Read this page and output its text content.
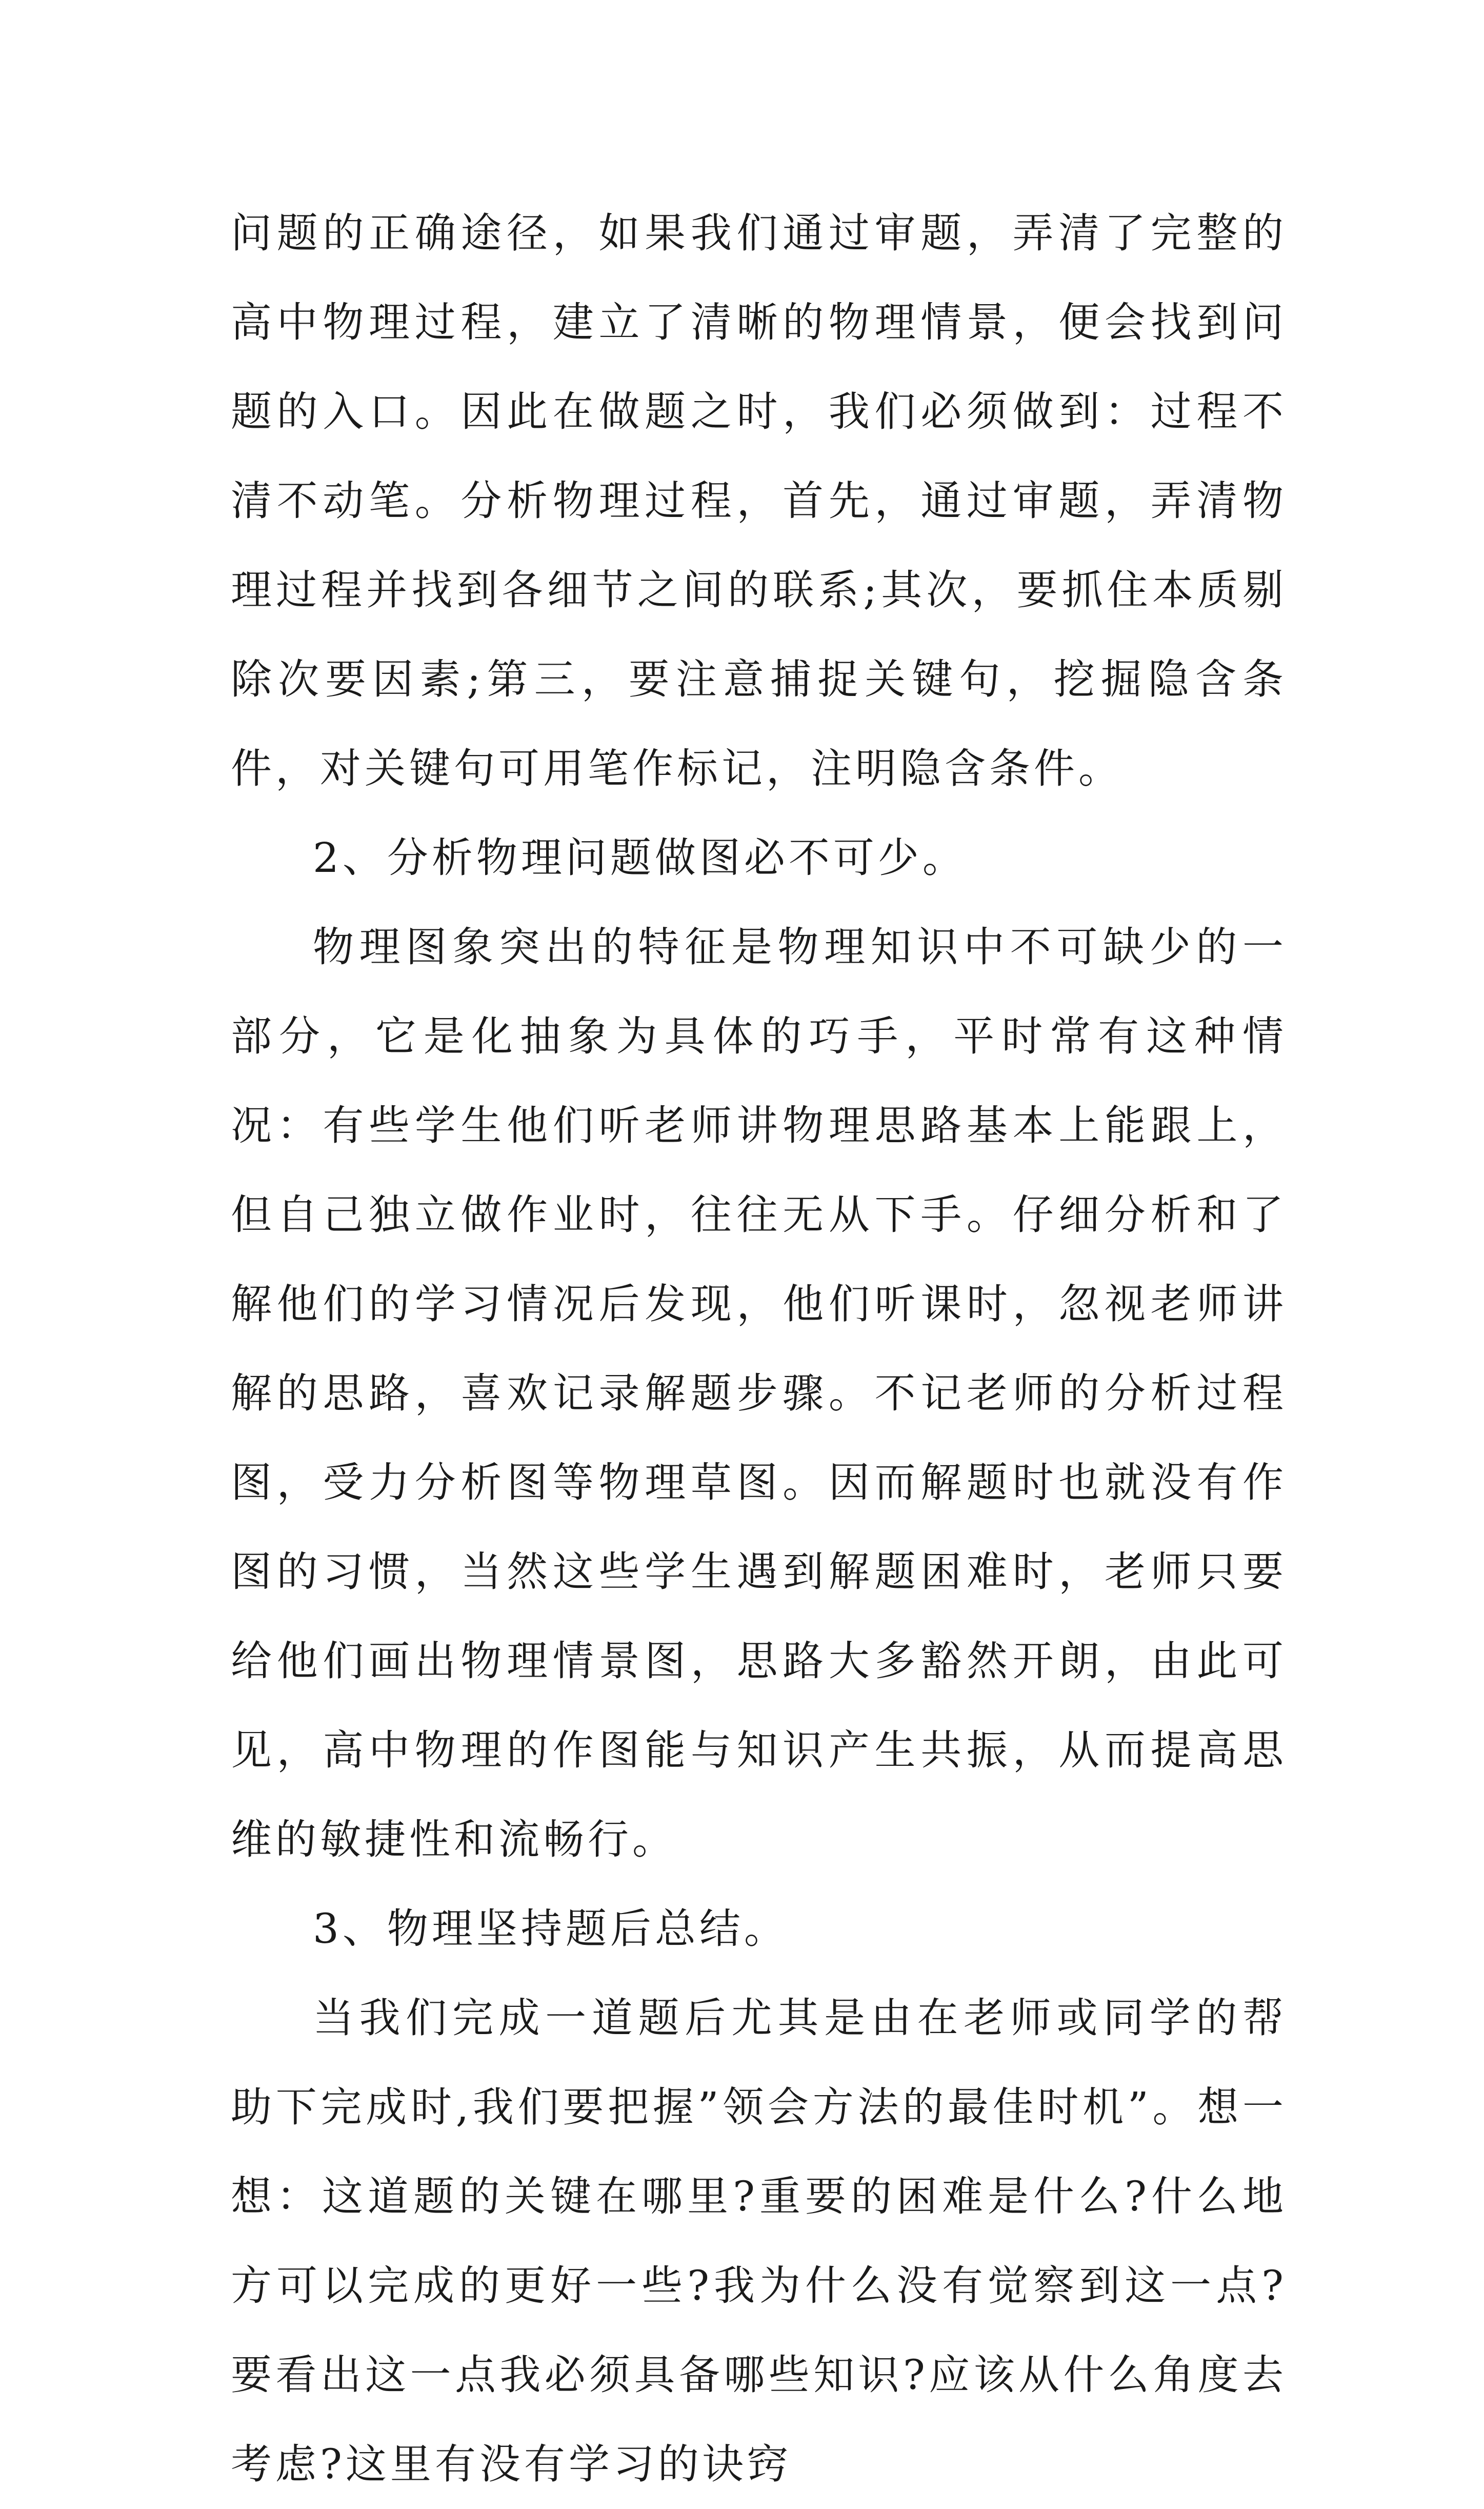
问题的正确途径，如果我们通过审题，弄清了完整的高中物理过程，建立了清晰的物理情景，便会找到问题的入口。因此在做题之时，我们必须做到：过程不清不动笔。分析物理过程，首先，通过审题，弄清物理过程并找到各细节之间的联系;其次，要抓住本质剔除次要因素;第三，要注意捕捉关键句，挖掘隐含条件，对关键句可用笔作标记，注明隐含条件。

2、分析物理问题做图必不可少。

物理图象突出的特征是物理知识中不可缺少的一部分，它是化抽象为具体的巧手，平时常有这种情况：有些学生他们听老师讲物理思路基本上能跟上，但自己独立做作业时，往往无从下手。仔细分析和了解他们的学习情况后发现，他们听课时，忽视老师讲解的思路，喜欢记录解题步骤。不记老师的分析过程图，受力分析图等物理草图。因而解题时也就没有作图的习惯，当然这些学生遇到解题困难时，老师只要给他们画出物理情景图，思路大多豁然开朗，由此可见，高中物理的作图能与知识产生共振，从而提高思维的敏捷性和流畅行。

3、物理坚持题后总结。

当我们完成一道题后尤其是由在老师或同学的帮助下完成时,我们要把握”领会方法的最佳时机”。想一想：这道题的关键在哪里?重要的困难是什么?什么地方可以完成的更好一些?我为什么没有觉察到这一点?要看出这一点我必须具备哪些知识?应该从什么角度去考虑?这里有没有学习的诀窍
